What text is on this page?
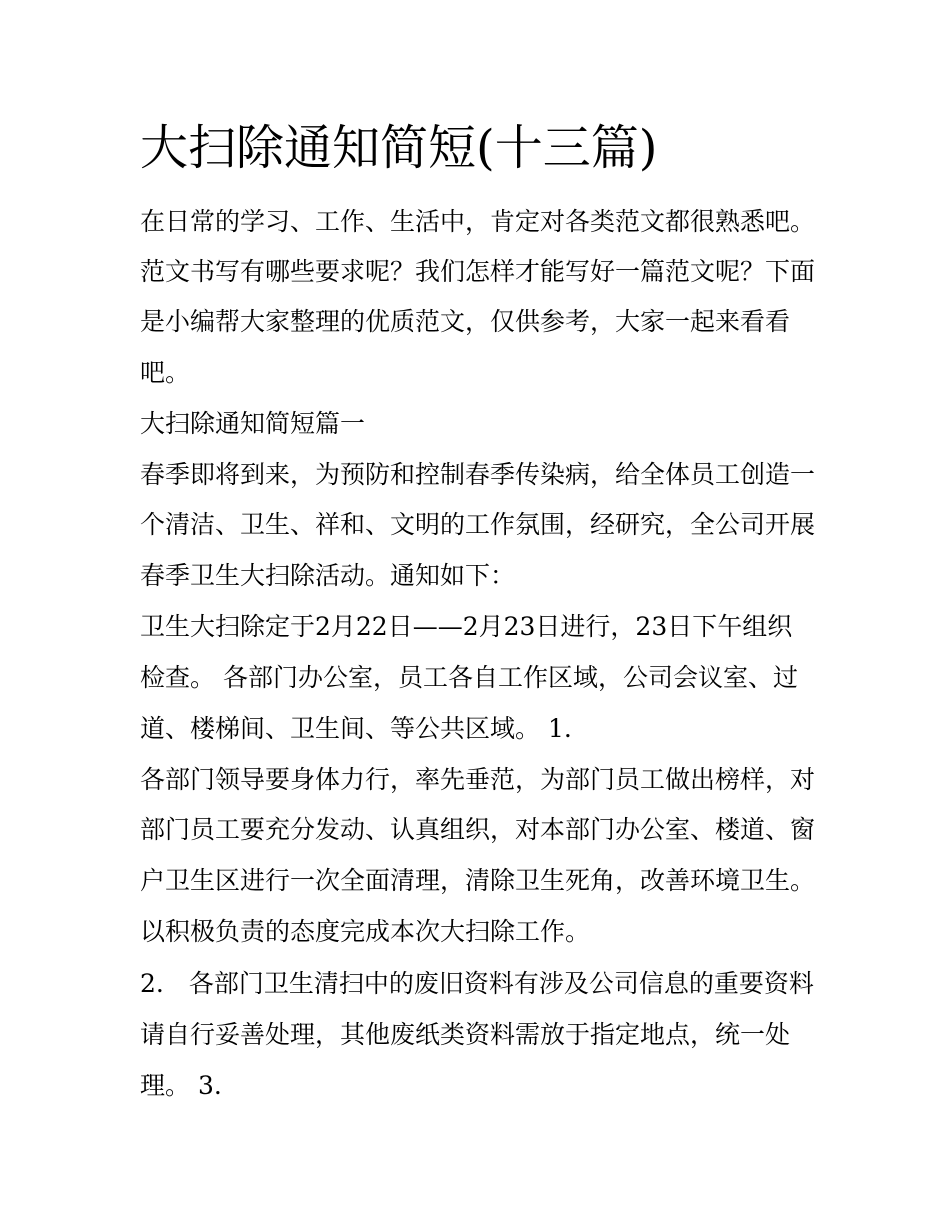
大扫除通知简短(十三篇)

在日常的学习、工作、生活中，肯定对各类范文都很熟悉吧。

范文书写有哪些要求呢？我们怎样才能写好一篇范文呢？下面

是小编帮大家整理的优质范文，仅供参考，大家一起来看看

吧。

大扫除通知简短篇一

春季即将到来，为预防和控制春季传染病，给全体员工创造一

个清洁、卫生、祥和、文明的工作氛围，经研究，全公司开展

春季卫生大扫除活动。通知如下：

卫生大扫除定于2月22日——2月23日进行，23日下午组织

检查。 各部门办公室，员工各自工作区域，公司会议室、过

道、楼梯间、卫生间、等公共区域。 1.

各部门领导要身体力行，率先垂范，为部门员工做出榜样，对

部门员工要充分发动、认真组织，对本部门办公室、楼道、窗

户卫生区进行一次全面清理，清除卫生死角，改善环境卫生。

以积极负责的态度完成本次大扫除工作。

2.　各部门卫生清扫中的废旧资料有涉及公司信息的重要资料

请自行妥善处理，其他废纸类资料需放于指定地点，统一处

理。 3.
